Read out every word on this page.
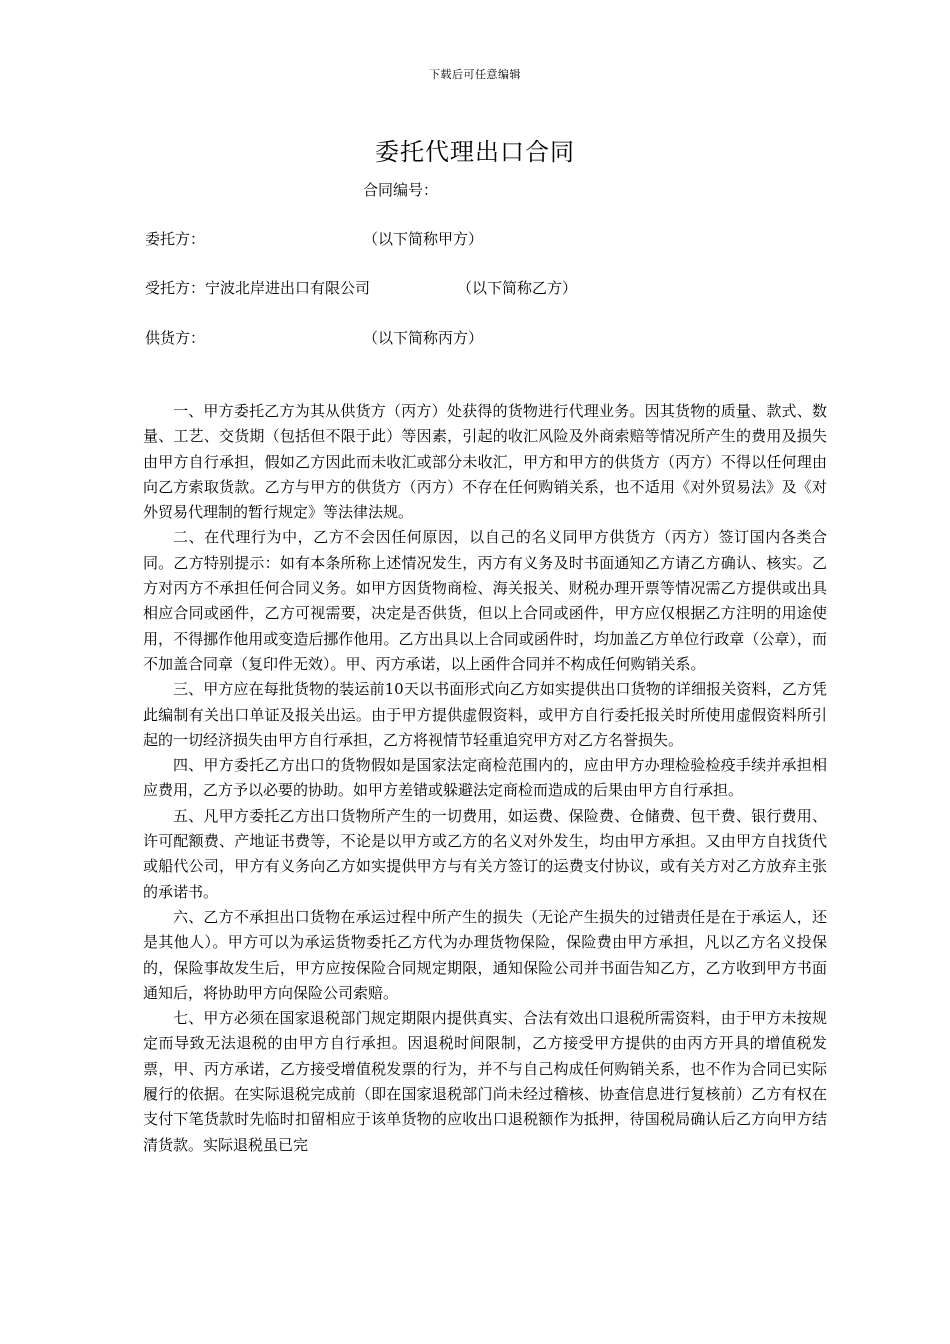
下载后可任意编辑
委托代理出口合同
合同编号：
委托方：	（以下简称甲方）
受托方：宁波北岸进出口有限公司	（以下简称乙方）
供货方：	（以下简称丙方）

一、甲方委托乙方为其从供货方（丙方）处获得的货物进行代理业务。因其货物的质量、款式、数量、工艺、交货期（包括但不限于此）等因素，引起的收汇风险及外商索赔等情况所产生的费用及损失由甲方自行承担，假如乙方因此而未收汇或部分未收汇，甲方和甲方的供货方（丙方）不得以任何理由向乙方索取货款。乙方与甲方的供货方（丙方）不存在任何购销关系，也不适用《对外贸易法》及《对外贸易代理制的暂行规定》等法律法规。

二、在代理行为中，乙方不会因任何原因，以自己的名义同甲方供货方（丙方）签订国内各类合同。乙方特别提示：如有本条所称上述情况发生，丙方有义务及时书面通知乙方请乙方确认、核实。乙方对丙方不承担任何合同义务。如甲方因货物商检、海关报关、财税办理开票等情况需乙方提供或出具相应合同或函件，乙方可视需要，决定是否供货，但以上合同或函件，甲方应仅根据乙方注明的用途使用，不得挪作他用或变造后挪作他用。乙方出具以上合同或函件时，均加盖乙方单位行政章（公章），而不加盖合同章（复印件无效）。甲、丙方承诺，以上函件合同并不构成任何购销关系。

三、甲方应在每批货物的装运前10天以书面形式向乙方如实提供出口货物的详细报关资料，乙方凭此编制有关出口单证及报关出运。由于甲方提供虚假资料，或甲方自行委托报关时所使用虚假资料所引起的一切经济损失由甲方自行承担，乙方将视情节轻重追究甲方对乙方名誉损失。

四、甲方委托乙方出口的货物假如是国家法定商检范围内的，应由甲方办理检验检疫手续并承担相应费用，乙方予以必要的协助。如甲方差错或躲避法定商检而造成的后果由甲方自行承担。

五、凡甲方委托乙方出口货物所产生的一切费用，如运费、保险费、仓储费、包干费、银行费用、许可配额费、产地证书费等，不论是以甲方或乙方的名义对外发生，均由甲方承担。又由甲方自找货代或船代公司，甲方有义务向乙方如实提供甲方与有关方签订的运费支付协议，或有关方对乙方放弃主张的承诺书。

六、乙方不承担出口货物在承运过程中所产生的损失（无论产生损失的过错责任是在于承运人，还是其他人）。甲方可以为承运货物委托乙方代为办理货物保险，保险费由甲方承担，凡以乙方名义投保的，保险事故发生后，甲方应按保险合同规定期限，通知保险公司并书面告知乙方，乙方收到甲方书面通知后，将协助甲方向保险公司索赔。

七、甲方必须在国家退税部门规定期限内提供真实、合法有效出口退税所需资料，由于甲方未按规定而导致无法退税的由甲方自行承担。因退税时间限制，乙方接受甲方提供的由丙方开具的增值税发票，甲、丙方承诺，乙方接受增值税发票的行为，并不与自己构成任何购销关系，也不作为合同已实际履行的依据。在实际退税完成前（即在国家退税部门尚未经过稽核、协查信息进行复核前）乙方有权在支付下笔货款时先临时扣留相应于该单货物的应收出口退税额作为抵押，待国税局确认后乙方向甲方结清货款。实际退税虽已完
